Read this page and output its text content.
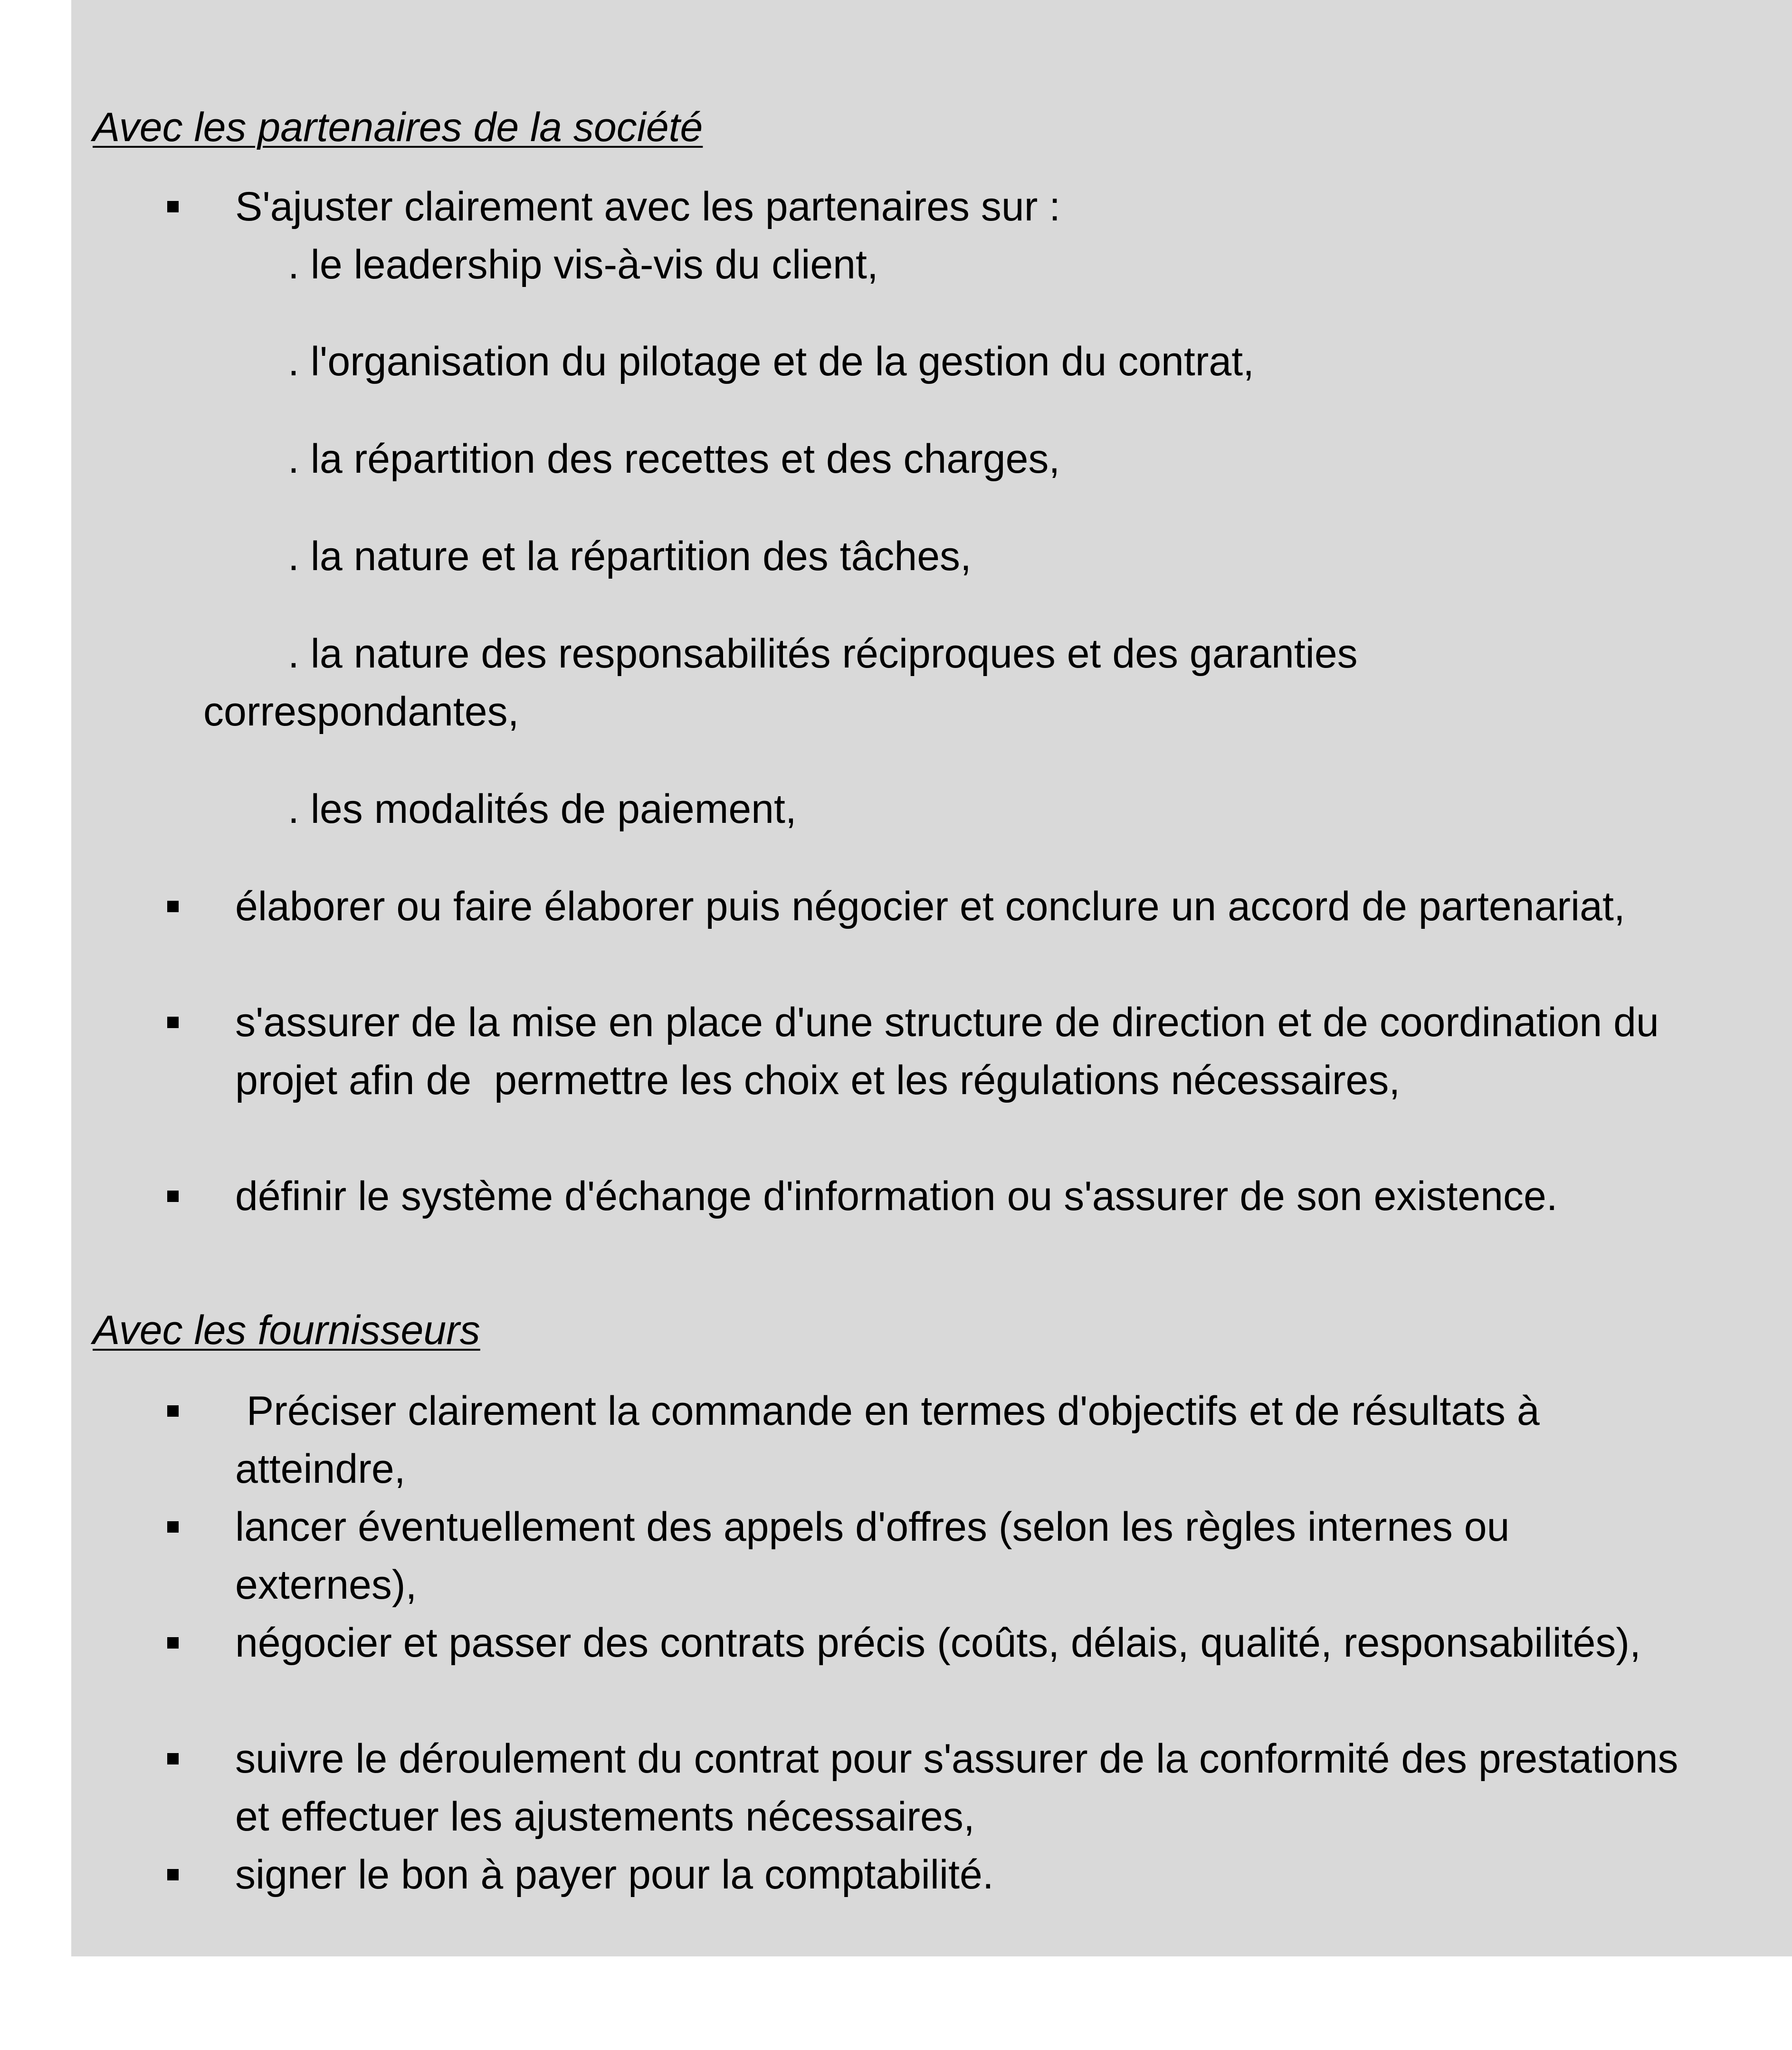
Avec les partenaires de la société
S'ajuster clairement avec les partenaires sur :
. le leadership vis-à-vis du client,
. l'organisation du pilotage et de la gestion du contrat,
. la répartition des recettes et des charges,
. la nature et la répartition des tâches,
. la nature des responsabilités réciproques et des garanties
correspondantes,
. les modalités de paiement,
élaborer ou faire élaborer puis négocier et conclure un accord de partenariat,
s'assurer de la mise en place d'une structure de direction et de coordination du projet afin de  permettre les choix et les régulations nécessaires,
définir le système d'échange d'information ou s'assurer de son existence.
Avec les fournisseurs
Préciser clairement la commande en termes d'objectifs et de résultats à atteindre,
lancer éventuellement des appels d'offres (selon les règles internes ou externes),
négocier et passer des contrats précis (coûts, délais, qualité, responsabilités),
suivre le déroulement du contrat pour s'assurer de la conformité des prestations et effectuer les ajustements nécessaires,
signer le bon à payer pour la comptabilité.
